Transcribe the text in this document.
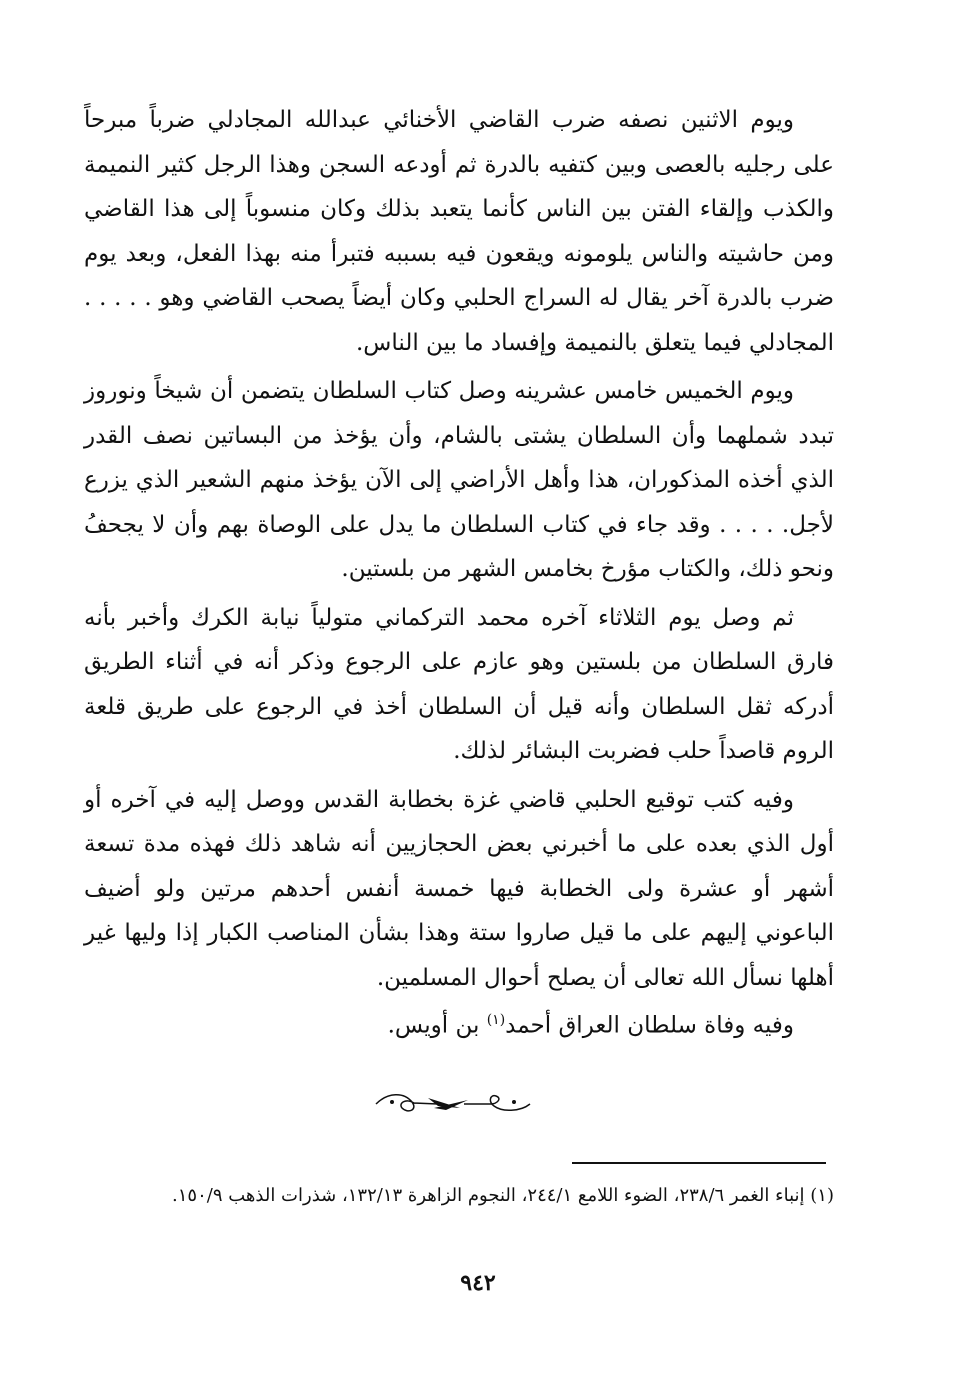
ويوم الاثنين نصفه ضرب القاضي الأخنائي عبدالله المجادلي ضرباً مبرحاً على رجليه بالعصى وبين كتفيه بالدرة ثم أودعه السجن وهذا الرجل كثير النميمة والكذب وإلقاء الفتن بين الناس كأنما يتعبد بذلك وكان منسوباً إلى هذا القاضي ومن حاشيته والناس يلومونه ويقعون فيه بسببه فتبرأ منه بهذا الفعل، وبعد يوم ضرب بالدرة آخر يقال له السراج الحلبي وكان أيضاً يصحب القاضي وهو . . . . . المجادلي فيما يتعلق بالنميمة وإفساد ما بين الناس.

ويوم الخميس خامس عشرينه وصل كتاب السلطان يتضمن أن شيخاً ونوروز تبدد شملهما وأن السلطان يشتى بالشام، وأن يؤخذ من البساتين نصف القدر الذي أخذه المذكوران، هذا وأهل الأراضي إلى الآن يؤخذ منهم الشعير الذي يزرع لأجل. . . . . وقد جاء في كتاب السلطان ما يدل على الوصاة بهم وأن لا يجحفُ ونحو ذلك، والكتاب مؤرخ بخامس الشهر من بلستين.

ثم وصل يوم الثلاثاء آخره محمد التركماني متولياً نيابة الكرك وأخبر بأنه فارق السلطان من بلستين وهو عازم على الرجوع وذكر أنه في أثناء الطريق أدركه ثقل السلطان وأنه قيل أن السلطان أخذ في الرجوع على طريق قلعة الروم قاصداً حلب فضربت البشائر لذلك.

وفيه كتب توقيع الحلبي قاضي غزة بخطابة القدس ووصل إليه في آخره أو أول الذي بعده على ما أخبرني بعض الحجازيين أنه شاهد ذلك فهذه مدة تسعة أشهر أو عشرة ولى الخطابة فيها خمسة أنفس أحدهم مرتين ولو أضيف الباعوني إليهم على ما قيل صاروا ستة وهذا بشأن المناصب الكبار إذا وليها غير أهلها نسأل الله تعالى أن يصلح أحوال المسلمين.

وفيه وفاة سلطان العراق أحمد$^{(١)}$ بن أويس.

(١) إنباء الغمر ٢٣٨/٦، الضوء اللامع ٢٤٤/١، النجوم الزاهرة ١٣٢/١٣، شذرات الذهب ١٥٠/٩.
٩٤٢
